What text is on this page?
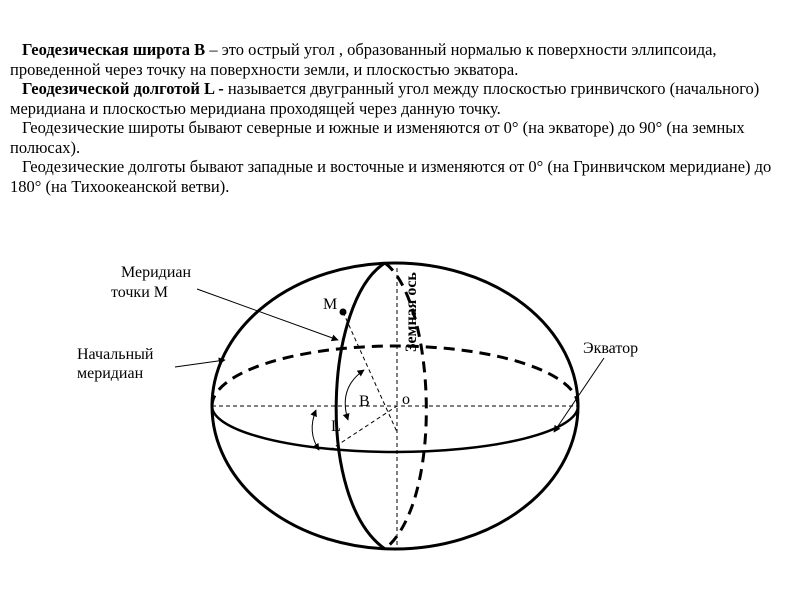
Геодезическая широта В – это острый угол , образованный нормалью к поверхности эллипсоида, проведенной через точку на поверхности земли, и плоскостью экватора.

Геодезической долготой L - называется двугранный угол между плоскостью гринвичского (начального) меридиана и плоскостью меридиана проходящей через данную точку.

Геодезические широты бывают северные и южные и изменяются от 0° (на экваторе) до 90° (на земных полюсах).

Геодезические долготы бывают западные и восточные и изменяются от 0° (на Гринвичском меридиане) до 180° (на Тихоокеанской ветви).

Меридиан
точки М
Начальный
меридиан
Экватор
Земная ось
M
o
B
L
